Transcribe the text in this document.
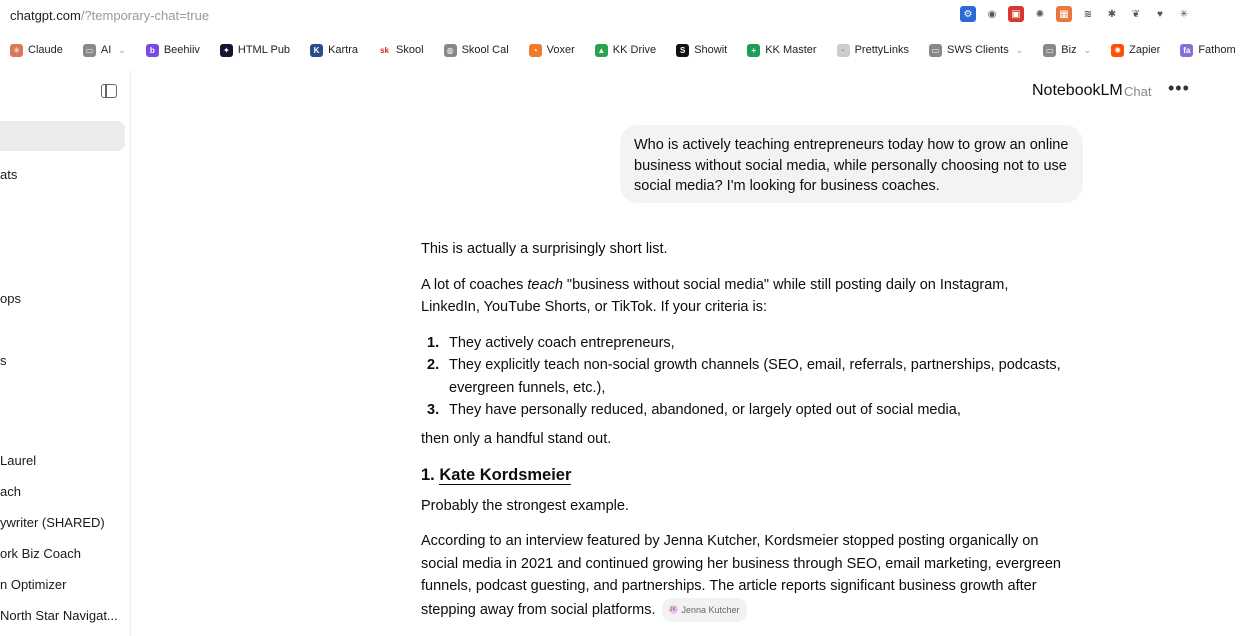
chatgpt.com /?temporary-chat=true	⚙	◉	▣	✺	▦	≋	✱	❦	♥	✳
✳ Claude	▭ AI ⌄	b Beehiiv	✦ HTML Pub	K Kartra	sk Skool	◍ Skool Cal	◔ Voxer	▲ KK Drive	S Showit	+ KK Master	· PrettyLinks	▭ SWS Clients ⌄	▭ Biz ⌄	✺ Zapier	fa Fathom
ats
ops
s
Laurel
ach
ywriter (SHARED)
ork Biz Coach
n Optimizer
North Star Navigat...
NotebookLM Chat •••
Who is actively teaching entrepreneurs today how to grow an online business without social media, while personally choosing not to use social media? I'm looking for business coaches.

This is actually a surprisingly short list.

A lot of coaches teach "business without social media" while still posting daily on Instagram, LinkedIn, YouTube Shorts, or TikTok. If your criteria is:

1. They actively coach entrepreneurs,
2. They explicitly teach non-social growth channels (SEO, email, referrals, partnerships, podcasts, evergreen funnels, etc.),
3. They have personally reduced, abandoned, or largely opted out of social media,

then only a handful stand out.

1. Kate Kordsmeier

Probably the strongest example.

According to an interview featured by Jenna Kutcher, Kordsmeier stopped posting organically on social media in 2021 and continued growing her business through SEO, email marketing, evergreen funnels, podcast guesting, and partnerships. The article reports significant business growth after stepping away from social platforms. JK Jenna Kutcher
